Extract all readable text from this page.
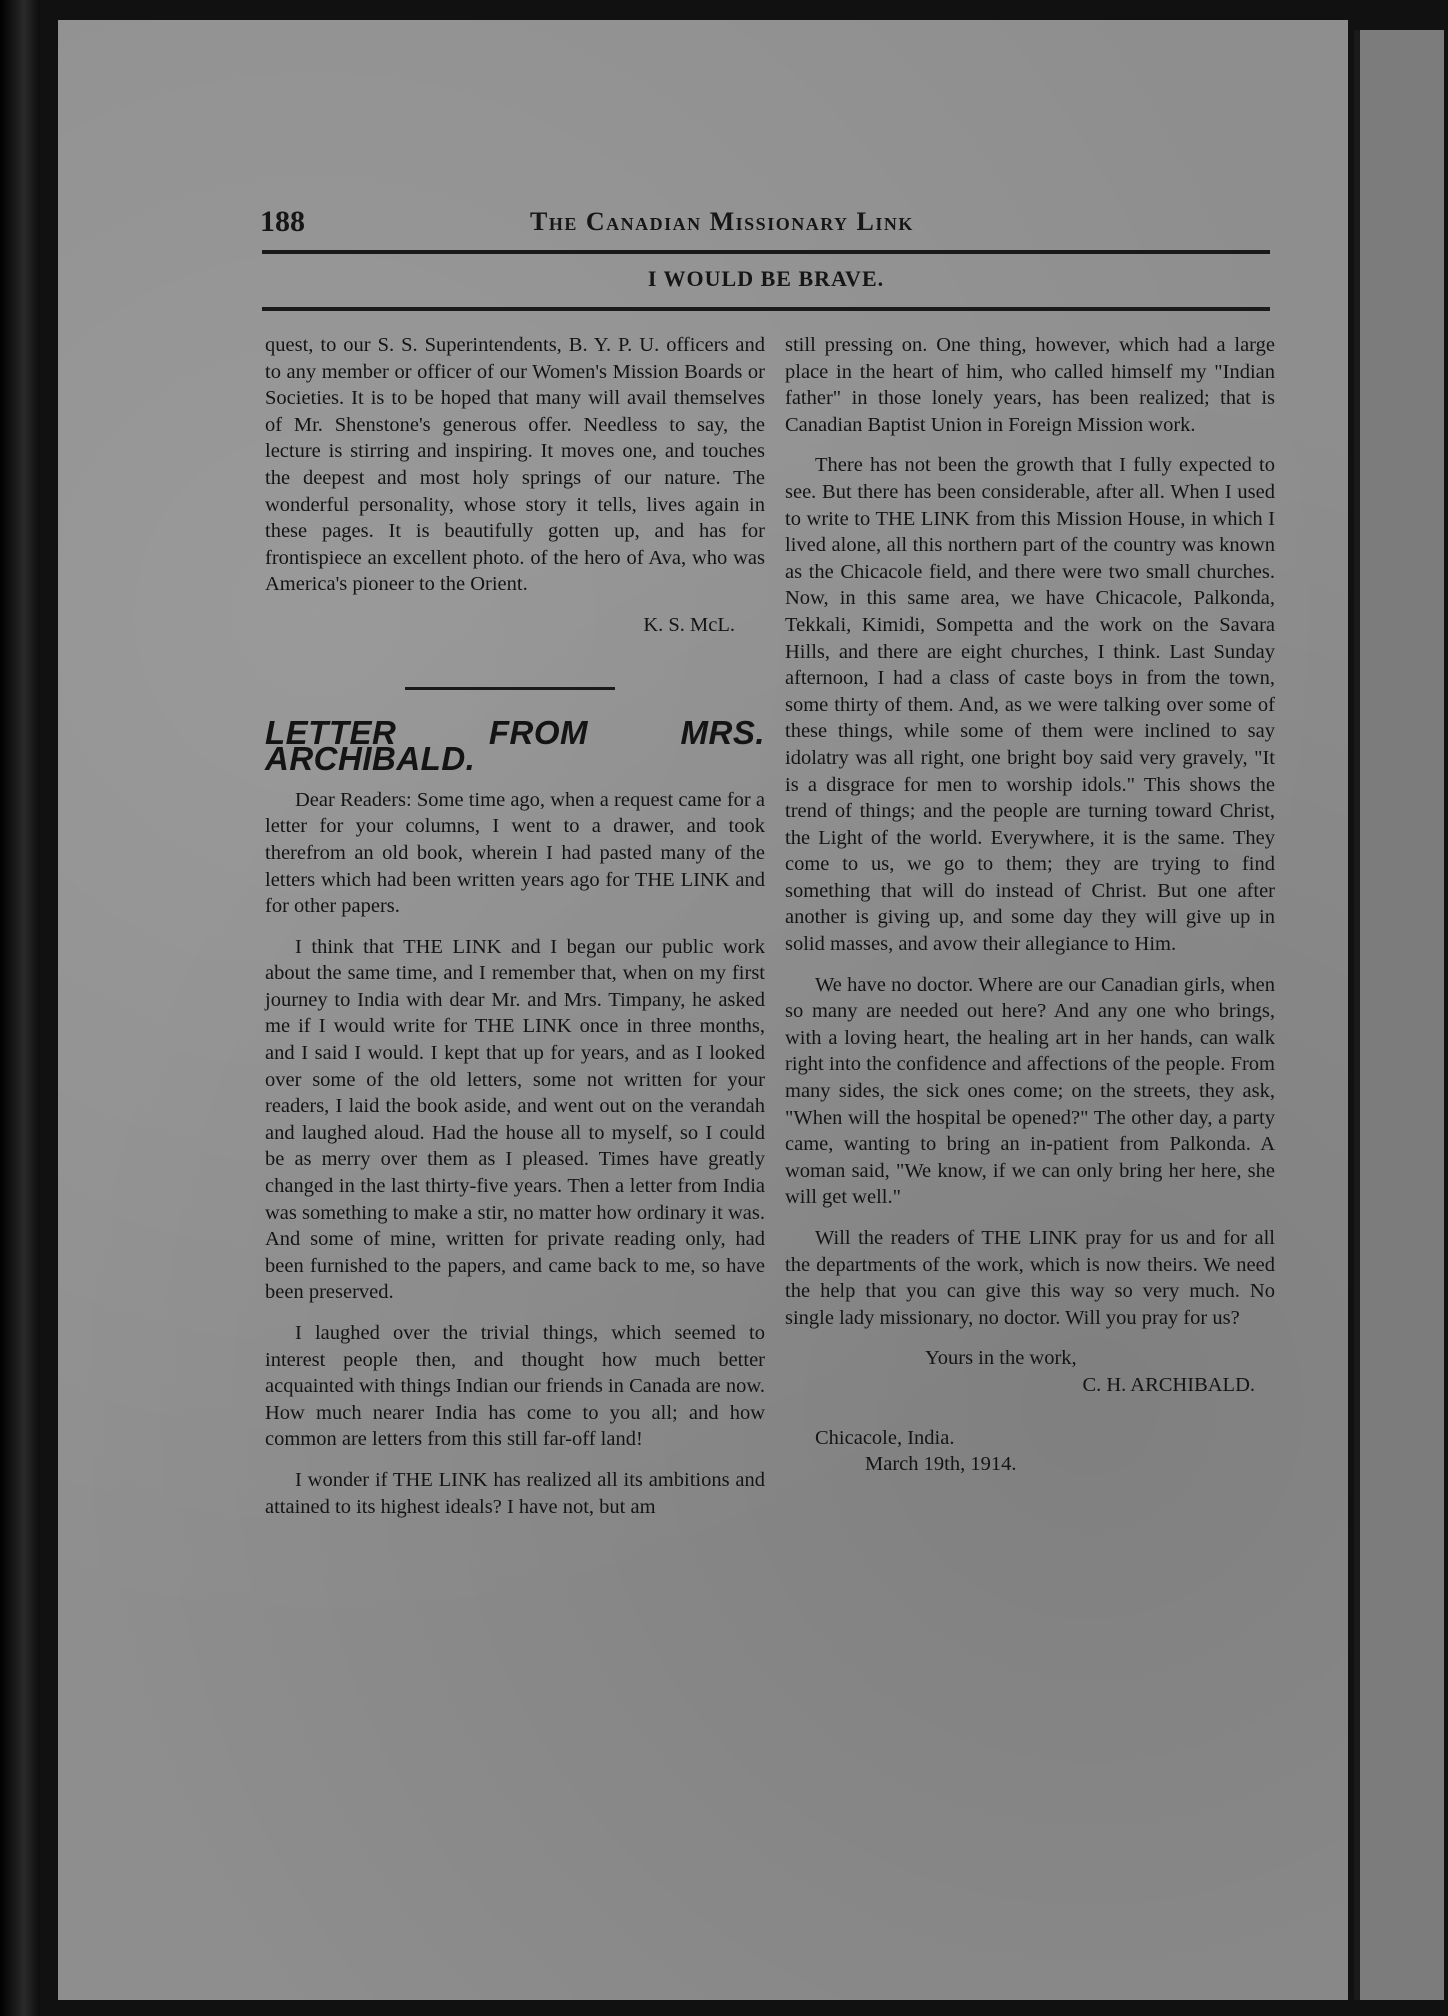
188	The Canadian Missionary Link
I WOULD BE BRAVE.

quest, to our S. S. Superintendents, B. Y. P. U. officers and to any member or officer of our Women's Mission Boards or Societies. It is to be hoped that many will avail themselves of Mr. Shenstone's generous offer. Needless to say, the lecture is stirring and inspiring. It moves one, and touches the deepest and most holy springs of our nature. The wonderful personality, whose story it tells, lives again in these pages. It is beautifully gotten up, and has for frontispiece an excellent photo. of the hero of Ava, who was America's pioneer to the Orient.

K. S. McL.
LETTER FROM MRS. ARCHIBALD.

Dear Readers: Some time ago, when a request came for a letter for your columns, I went to a drawer, and took therefrom an old book, wherein I had pasted many of the letters which had been written years ago for THE LINK and for other papers.

I think that THE LINK and I began our public work about the same time, and I remember that, when on my first journey to India with dear Mr. and Mrs. Timpany, he asked me if I would write for THE LINK once in three months, and I said I would. I kept that up for years, and as I looked over some of the old letters, some not written for your readers, I laid the book aside, and went out on the verandah and laughed aloud. Had the house all to myself, so I could be as merry over them as I pleased. Times have greatly changed in the last thirty-five years. Then a letter from India was something to make a stir, no matter how ordinary it was. And some of mine, written for private reading only, had been furnished to the papers, and came back to me, so have been preserved.

I laughed over the trivial things, which seemed to interest people then, and thought how much better acquainted with things Indian our friends in Canada are now. How much nearer India has come to you all; and how common are letters from this still far-off land!

I wonder if THE LINK has realized all its ambitions and attained to its highest ideals? I have not, but am

still pressing on. One thing, however, which had a large place in the heart of him, who called himself my "Indian father" in those lonely years, has been realized; that is Canadian Baptist Union in Foreign Mission work.

There has not been the growth that I fully expected to see. But there has been considerable, after all. When I used to write to THE LINK from this Mission House, in which I lived alone, all this northern part of the country was known as the Chicacole field, and there were two small churches. Now, in this same area, we have Chicacole, Palkonda, Tekkali, Kimidi, Sompetta and the work on the Savara Hills, and there are eight churches, I think. Last Sunday afternoon, I had a class of caste boys in from the town, some thirty of them. And, as we were talking over some of these things, while some of them were inclined to say idolatry was all right, one bright boy said very gravely, "It is a disgrace for men to worship idols." This shows the trend of things; and the people are turning toward Christ, the Light of the world. Everywhere, it is the same. They come to us, we go to them; they are trying to find something that will do instead of Christ. But one after another is giving up, and some day they will give up in solid masses, and avow their allegiance to Him.

We have no doctor. Where are our Canadian girls, when so many are needed out here? And any one who brings, with a loving heart, the healing art in her hands, can walk right into the confidence and affections of the people. From many sides, the sick ones come; on the streets, they ask, "When will the hospital be opened?" The other day, a party came, wanting to bring an in-patient from Palkonda. A woman said, "We know, if we can only bring her here, she will get well."

Will the readers of THE LINK pray for us and for all the departments of the work, which is now theirs. We need the help that you can give this way so very much. No single lady missionary, no doctor. Will you pray for us?

Yours in the work,
C. H. ARCHIBALD.
Chicacole, India.
March 19th, 1914.
